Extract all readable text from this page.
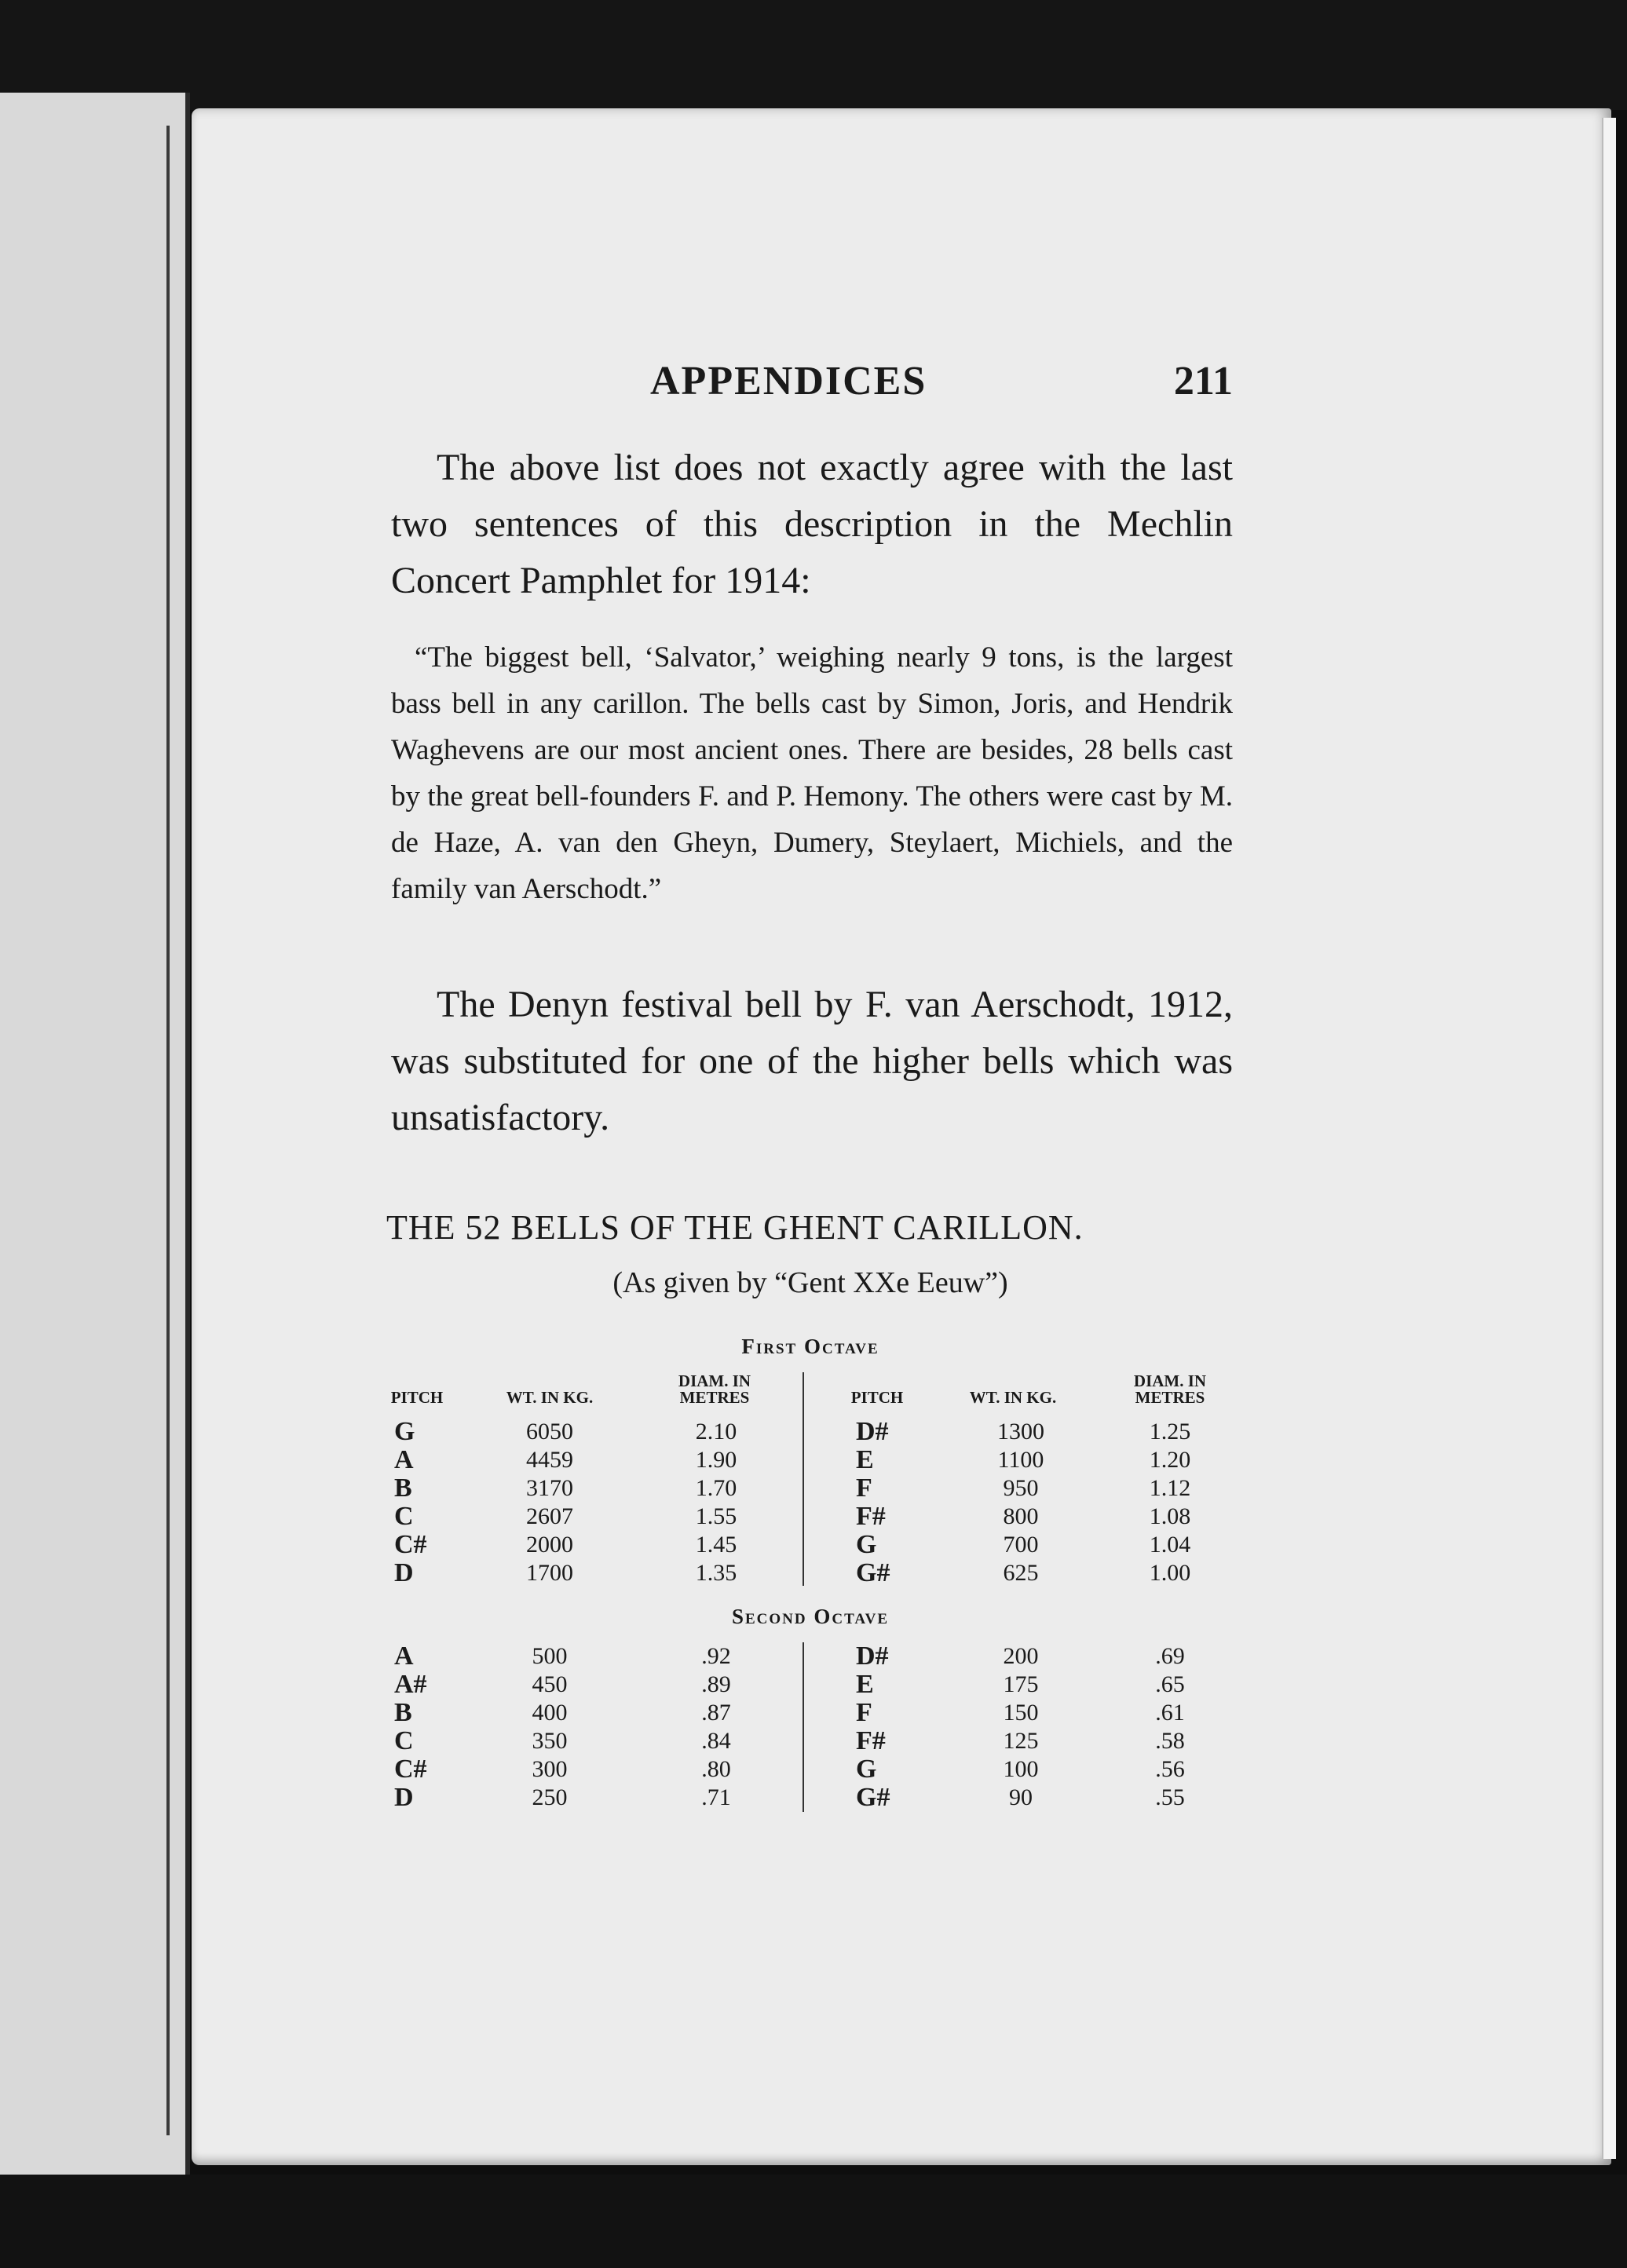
APPENDICES	211
The above list does not exactly agree with the last two sentences of this description in the Mechlin Concert Pamphlet for 1914:
“The biggest bell, ‘Salvator,’ weighing nearly 9 tons, is the largest bass bell in any carillon. The bells cast by Simon, Joris, and Hendrik Waghevens are our most ancient ones. There are besides, 28 bells cast by the great bell-founders F. and P. Hemony. The others were cast by M. de Haze, A. van den Gheyn, Dumery, Steylaert, Michiels, and the family van Aerschodt.”
The Denyn festival bell by F. van Aerschodt, 1912, was substituted for one of the higher bells which was unsatisfactory.
THE 52 BELLS OF THE GHENT CARILLON.
(As given by “Gent XXe Eeuw”)
First Octave
Second Octave
PITCH	WT. IN KG.
DIAM. IN
METRES	PITCH	WT. IN KG.
DIAM. IN
METRES
G	6050	2.10
A	4459	1.90
B	3170	1.70
C	2607	1.55
C#	2000	1.45
D	1700	1.35
D#	1300	1.25
E	1100	1.20
F	950	1.12
F#	800	1.08
G	700	1.04
G#	625	1.00
A	500	.92
A#	450	.89
B	400	.87
C	350	.84
C#	300	.80
D	250	.71
D#	200	.69
E	175	.65
F	150	.61
F#	125	.58
G	100	.56
G#	90	.55
